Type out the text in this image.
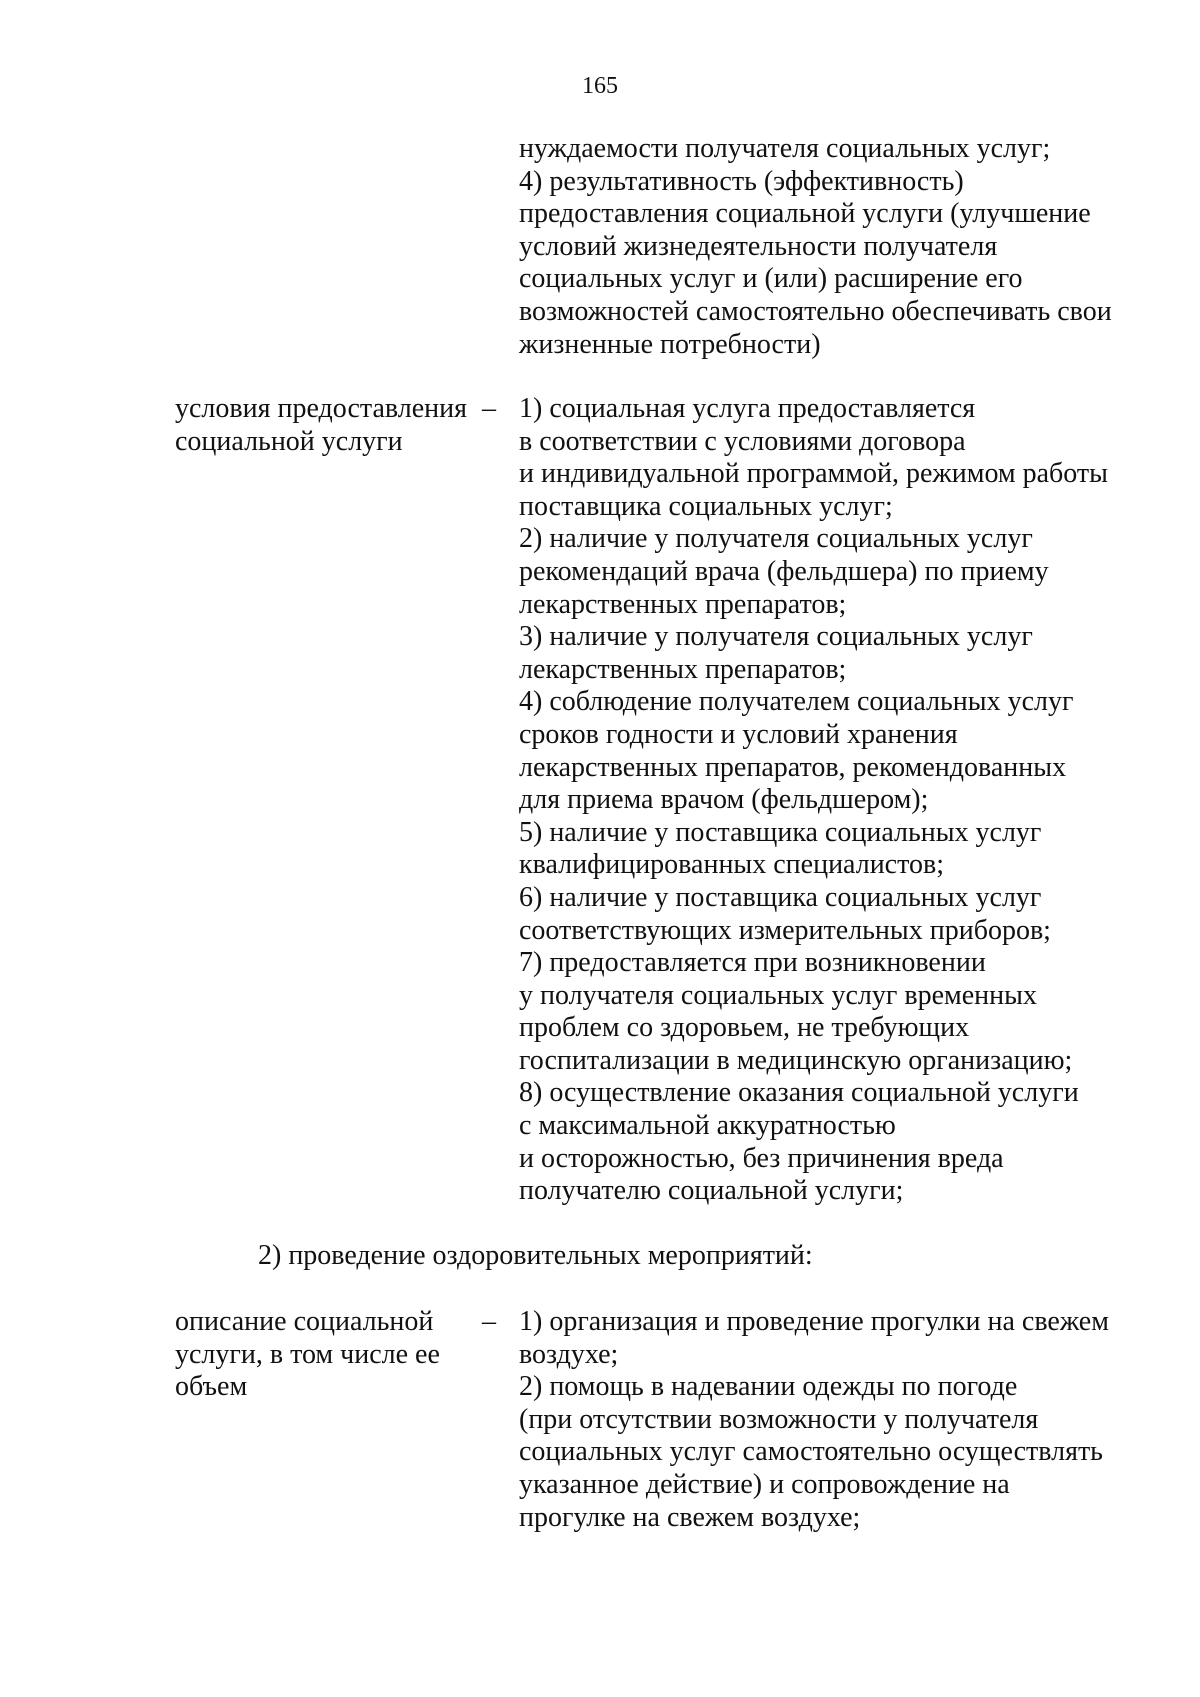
165
нуждаемости получателя социальных услуг;
4) результативность (эффективность)
предоставления социальной услуги (улучшение
условий жизнедеятельности получателя
социальных услуг и (или) расширение его
возможностей самостоятельно обеспечивать свои
жизненные потребности)
условия предоставления
социальной услуги
– 1) социальная услуга предоставляется
в соответствии с условиями договора
и индивидуальной программой, режимом работы
поставщика социальных услуг;
2) наличие у получателя социальных услуг
рекомендаций врача (фельдшера) по приему
лекарственных препаратов;
3) наличие у получателя социальных услуг
лекарственных препаратов;
4) соблюдение получателем социальных услуг
сроков годности и условий хранения
лекарственных препаратов, рекомендованных
для приема врачом (фельдшером);
5) наличие у поставщика социальных услуг
квалифицированных специалистов;
6) наличие у поставщика социальных услуг
соответствующих измерительных приборов;
7) предоставляется при возникновении
у получателя социальных услуг временных
проблем со здоровьем, не требующих
госпитализации в медицинскую организацию;
8) осуществление оказания социальной услуги
с максимальной аккуратностью
и осторожностью, без причинения вреда
получателю социальной услуги;
2) проведение оздоровительных мероприятий:
описание социальной
услуги, в том числе ее
объем
– 1) организация и проведение прогулки на свежем
воздухе;
2) помощь в надевании одежды по погоде
(при отсутствии возможности у получателя
социальных услуг самостоятельно осуществлять
указанное действие) и сопровождение на
прогулке на свежем воздухе;
